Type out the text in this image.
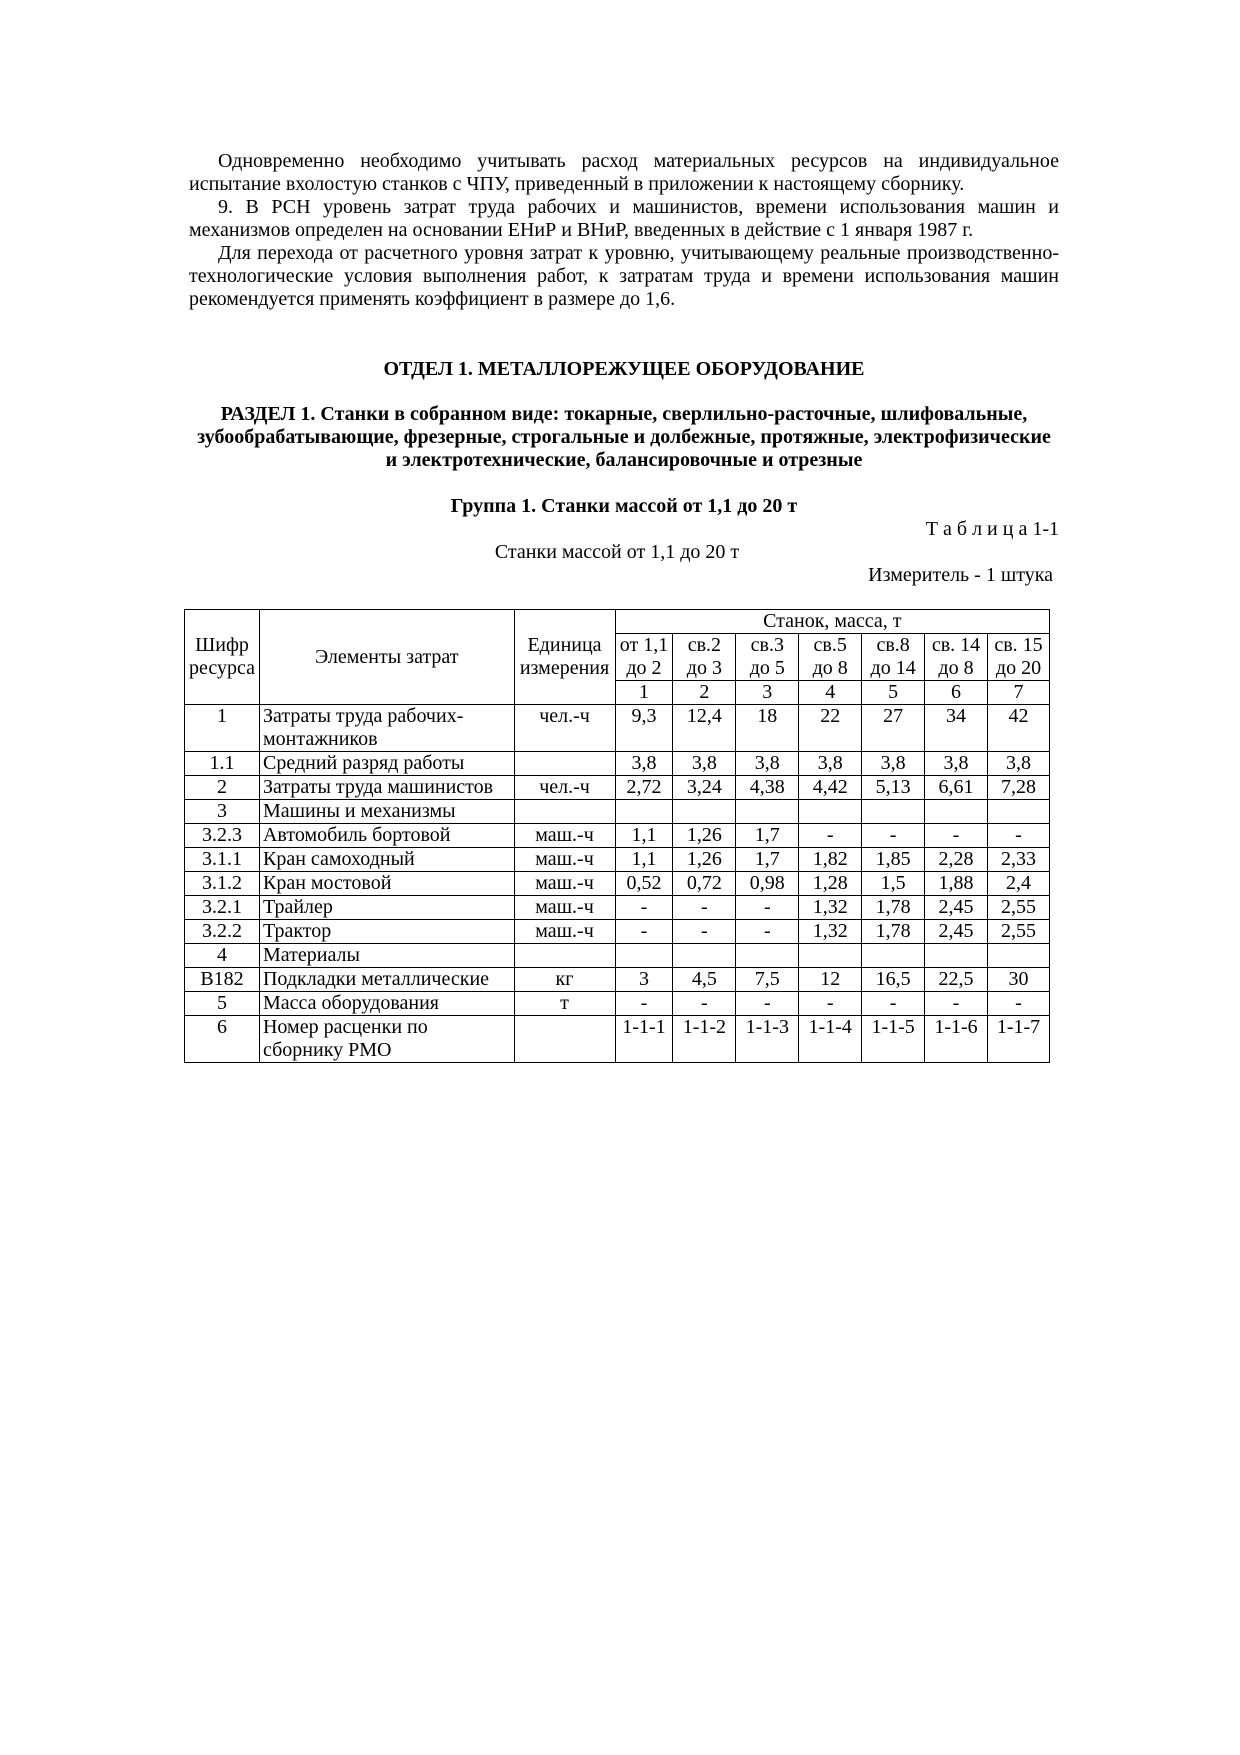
Одновременно необходимо учитывать расход материальных ресурсов на индивидуальное испытание вхолостую станков с ЧПУ, приведенный в приложении к настоящему сборнику.

9. В РСН уровень затрат труда рабочих и машинистов, времени использования машин и механизмов определен на основании ЕНиР и ВНиР, введенных в действие с 1 января 1987 г.

Для перехода от расчетного уровня затрат к уровню, учитывающему реальные производственно-технологические условия выполнения работ, к затратам труда и времени использования машин рекомендуется применять коэффициент в размере до 1,6.

ОТДЕЛ 1. МЕТАЛЛОРЕЖУЩЕЕ ОБОРУДОВАНИЕ
РАЗДЕЛ 1. Станки в собранном виде: токарные, сверлильно-расточные, шлифовальные, зубообрабатывающие, фрезерные, строгальные и долбежные, протяжные, электрофизические и электротехнические, балансировочные и отрезные
Группа 1. Станки массой от 1,1 до 20 т

Т а б л и ц а 1-1

Станки массой от 1,1 до 20 т

Измеритель - 1 штука

Шифр ресурса	Элементы затрат	Единица измерения	Станок, масса, т						
			от 1,1 до 2	св.2 до 3	св.3 до 5	св.5 до 8	св.8 до 14	св. 14 до 8	св. 15 до 20
			1	2	3	4	5	6	7
1	Затраты труда рабочих-монтажников	чел.-ч	9,3	12,4	18	22	27	34	42
1.1	Средний разряд работы		3,8	3,8	3,8	3,8	3,8	3,8	3,8
2	Затраты труда машинистов	чел.-ч	2,72	3,24	4,38	4,42	5,13	6,61	7,28
3	Машины и механизмы								
3.2.3	Автомобиль бортовой	маш.-ч	1,1	1,26	1,7	-	-	-	-
3.1.1	Кран самоходный	маш.-ч	1,1	1,26	1,7	1,82	1,85	2,28	2,33
3.1.2	Кран мостовой	маш.-ч	0,52	0,72	0,98	1,28	1,5	1,88	2,4
3.2.1	Трайлер	маш.-ч	-	-	-	1,32	1,78	2,45	2,55
3.2.2	Трактор	маш.-ч	-	-	-	1,32	1,78	2,45	2,55
4	Материалы								
В182	Подкладки металлические	кг	3	4,5	7,5	12	16,5	22,5	30
5	Масса оборудования	т	-	-	-	-	-	-	-
6	Номер расценки по сборнику РМО		1-1-1	1-1-2	1-1-3	1-1-4	1-1-5	1-1-6	1-1-7
